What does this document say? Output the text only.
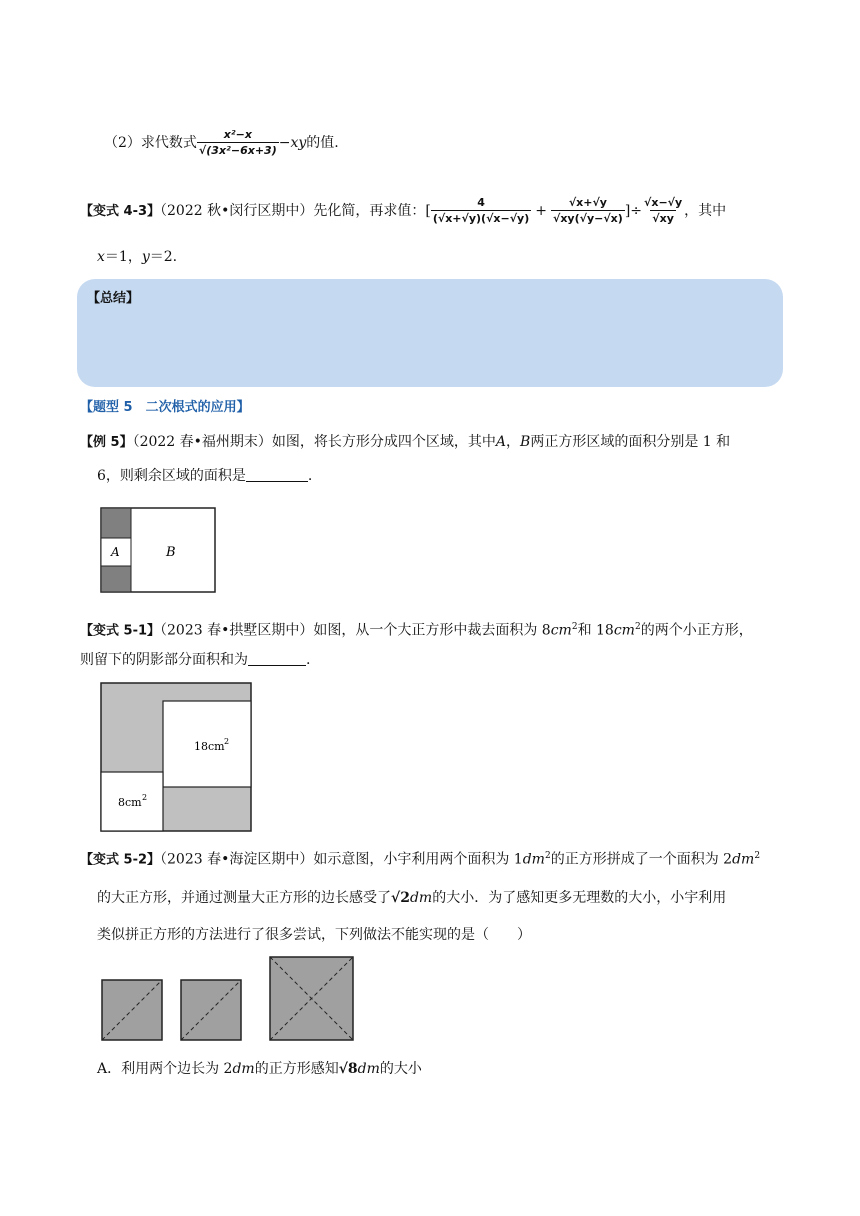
（2）求代数式 $\frac{\text{x²−x}}{\text{√(3x²−6x+3)}} -xy$的值.
【变式 4-3】（2022 秋•闵行区期中）先化简，再求值：[ $\frac{4}{(√x+√y)(√x-√y)} + \frac{√x+√y}{√xy(√y-√x)}$ ]÷ $\frac{√x-√y}{√xy}$ ，其中
x＝1，y＝2.
【总结】
【题型 5　二次根式的应用】
【例 5】（2022 春•福州期末）如图，将长方形分成四个区域，其中A，B两正方形区域的面积分别是 1 和
6，则剩余区域的面积是	.
A	B
【变式 5-1】（2023 春•拱墅区期中）如图，从一个大正方形中裁去面积为 $8cm^2$和 $18cm^2$的两个小正方形，
则留下的阴影部分面积和为	.
18cm 2
8cm 2
【变式 5-2】（2023 春•海淀区期中）如示意图，小宇利用两个面积为 $1dm^2$的正方形拼成了一个面积为 $2dm^2$
的大正方形，并通过测量大正方形的边长感受了√2dm的大小．为了感知更多无理数的大小，小宇利用
类似拼正方形的方法进行了很多尝试，下列做法不能实现的是（　　）
A．利用两个边长为 2dm的正方形感知√8dm的大小
